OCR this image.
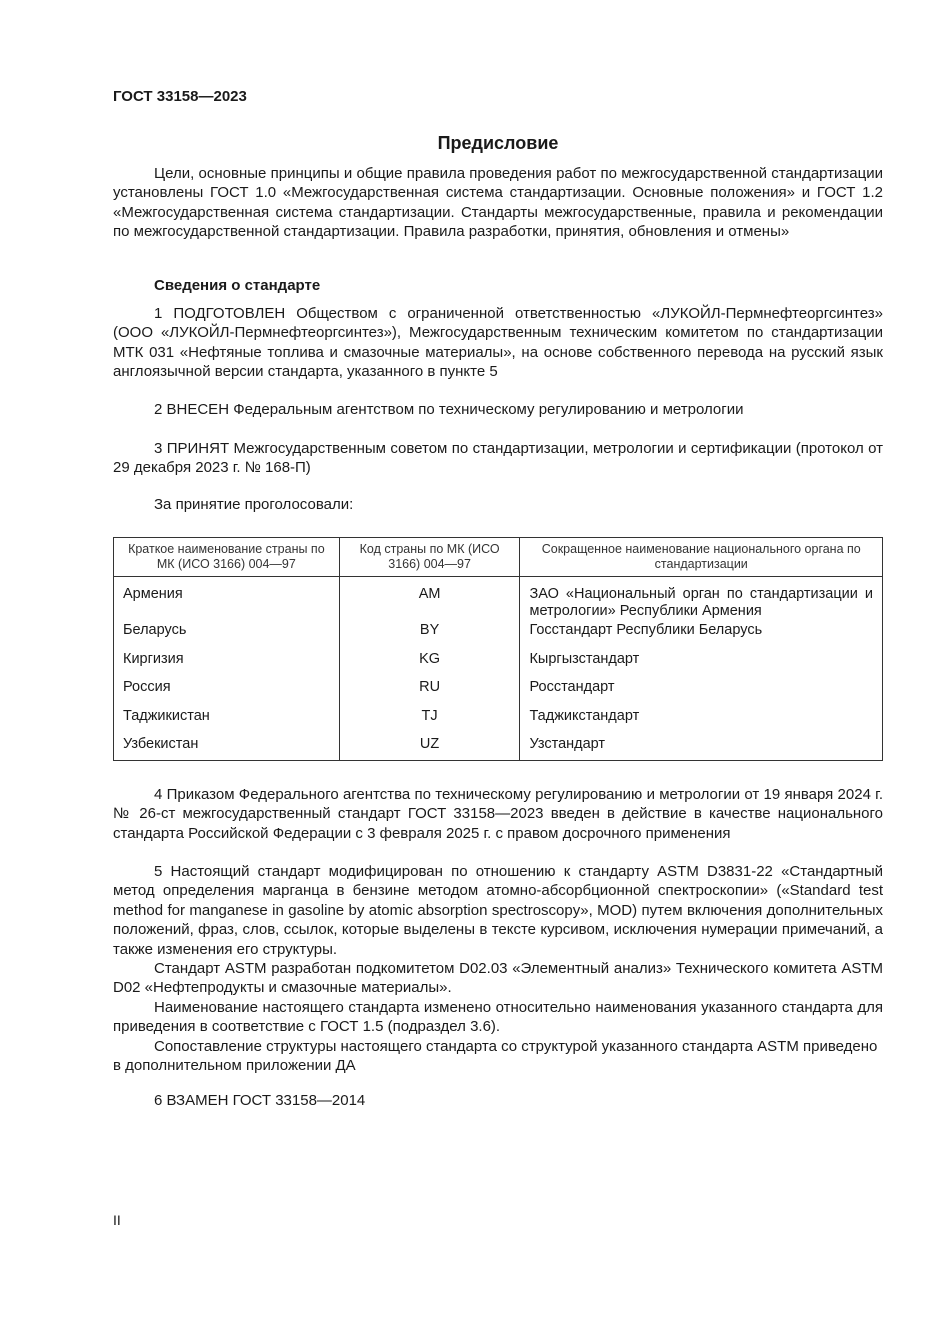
ГОСТ 33158—2023
Предисловие

Цели, основные принципы и общие правила проведения работ по межгосударственной стандартизации установлены ГОСТ 1.0 «Межгосударственная система стандартизации. Основные положения» и ГОСТ 1.2 «Межгосударственная система стандартизации. Стандарты межгосударственные, правила и рекомендации по межгосударственной стандартизации. Правила разработки, принятия, обновления и отмены»

Сведения о стандарте

1 ПОДГОТОВЛЕН Обществом с ограниченной ответственностью «ЛУКОЙЛ-Пермнефтеоргсинтез» (ООО «ЛУКОЙЛ-Пермнефтеоргсинтез»), Межгосударственным техническим комитетом по стандартизации МТК 031 «Нефтяные топлива и смазочные материалы», на основе собственного перевода на русский язык англоязычной версии стандарта, указанного в пункте 5

2 ВНЕСЕН Федеральным агентством по техническому регулированию и метрологии

3 ПРИНЯТ Межгосударственным советом по стандартизации, метрологии и сертификации (протокол от 29 декабря 2023 г. № 168-П)

За принятие проголосовали:
Краткое наименование страны по МК (ИСО 3166) 004—97	Код страны по МК (ИСО 3166) 004—97	Сокращенное наименование национального органа по стандартизации
Армения	AM	ЗАО «Национальный орган по стандартизации и метрологии» Республики Армения
Беларусь	BY	Госстандарт Республики Беларусь
Киргизия	KG	Кыргызстандарт
Россия	RU	Росстандарт
Таджикистан	TJ	Таджикстандарт
Узбекистан	UZ	Узстандарт

4 Приказом Федерального агентства по техническому регулированию и метрологии от 19 января 2024 г. № 26-ст межгосударственный стандарт ГОСТ 33158—2023 введен в действие в качестве национального стандарта Российской Федерации с 3 февраля 2025 г. с правом досрочного применения

5 Настоящий стандарт модифицирован по отношению к стандарту ASTM D3831-22 «Стандартный метод определения марганца в бензине методом атомно-абсорбционной спектроскопии» («Standard test method for manganese in gasoline by atomic absorption spectroscopy», MOD) путем включения дополнительных положений, фраз, слов, ссылок, которые выделены в тексте курсивом, исключения нумерации примечаний, а также изменения его структуры.

Стандарт ASTM разработан подкомитетом D02.03 «Элементный анализ» Технического комитета ASTM D02 «Нефтепродукты и смазочные материалы».

Наименование настоящего стандарта изменено относительно наименования указанного стандарта для приведения в соответствие с ГОСТ 1.5 (подраздел 3.6).

Сопоставление структуры настоящего стандарта со структурой указанного стандарта ASTM приведено в дополнительном приложении ДА

6 ВЗАМЕН ГОСТ 33158—2014
II
